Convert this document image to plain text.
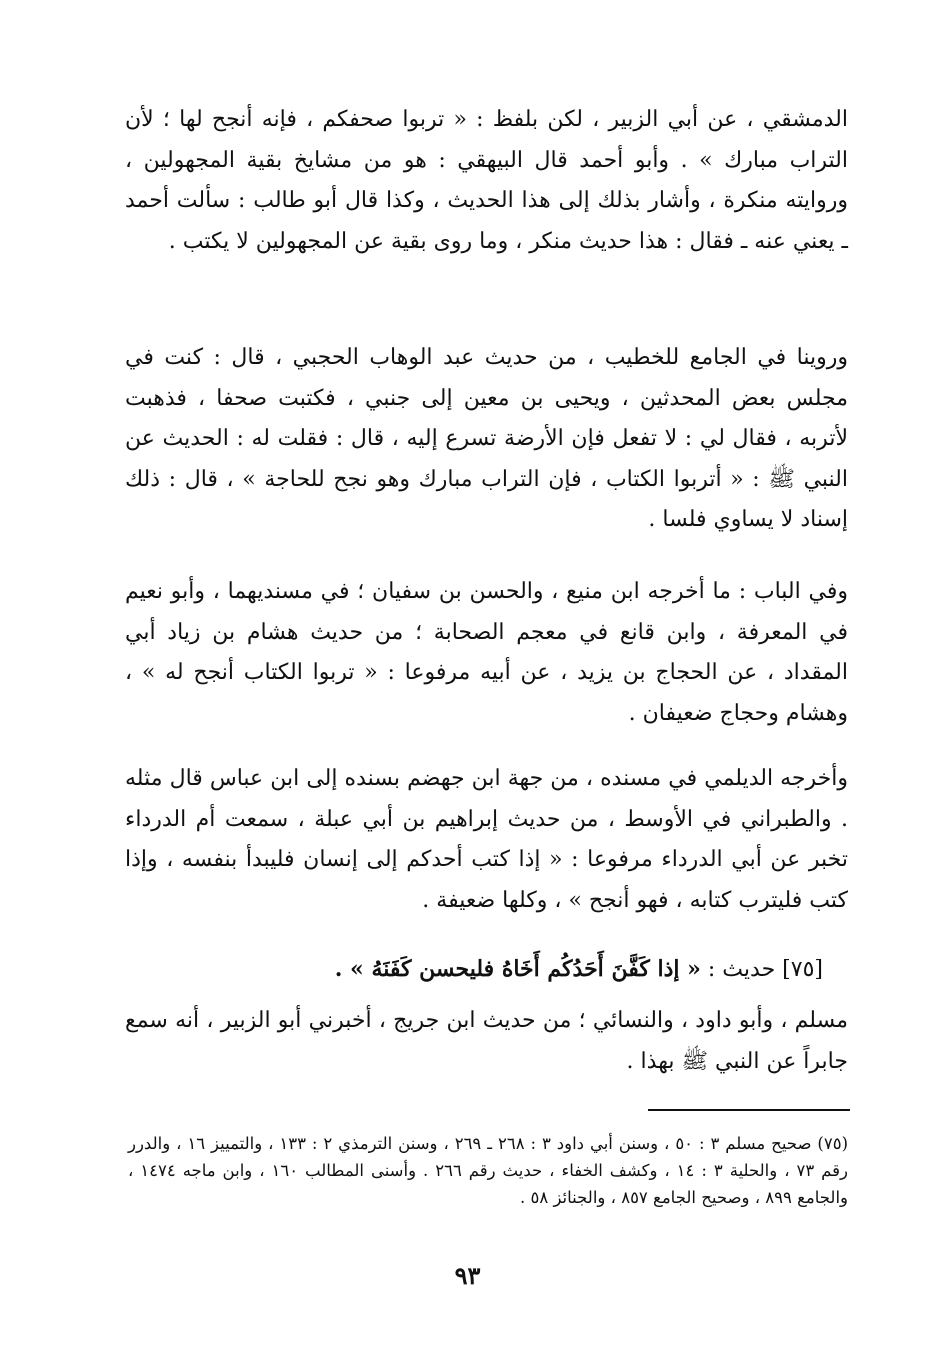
الدمشقي ، عن أبي الزبير ، لكن بلفظ : « تربوا صحفكم ، فإنه أنجح لها ؛ لأن التراب مبارك » . وأبو أحمد قال البيهقي : هو من مشايخ بقية المجهولين ، وروايته منكرة ، وأشار بذلك إلى هذا الحديث ، وكذا قال أبو طالب : سألت أحمد ـ يعني عنه ـ فقال : هذا حديث منكر ، وما روى بقية عن المجهولين لا يكتب .

وروينا في الجامع للخطيب ، من حديث عبد الوهاب الحجبي ، قال : كنت في مجلس بعض المحدثين ، ويحيى بن معين إلى جنبي ، فكتبت صحفا ، فذهبت لأتربه ، فقال لي : لا تفعل فإن الأرضة تسرع إليه ، قال : فقلت له : الحديث عن النبي ﷺ : « أتربوا الكتاب ، فإن التراب مبارك وهو نجح للحاجة » ، قال : ذلك إسناد لا يساوي فلسا .

وفي الباب : ما أخرجه ابن منيع ، والحسن بن سفيان ؛ في مسنديهما ، وأبو نعيم في المعرفة ، وابن قانع في معجم الصحابة ؛ من حديث هشام بن زياد أبي المقداد ، عن الحجاج بن يزيد ، عن أبيه مرفوعا : « تربوا الكتاب أنجح له » ، وهشام وحجاج ضعيفان .

وأخرجه الديلمي في مسنده ، من جهة ابن جهضم بسنده إلى ابن عباس قال مثله . والطبراني في الأوسط ، من حديث إبراهيم بن أبي عبلة ، سمعت أم الدرداء تخبر عن أبي الدرداء مرفوعا : « إذا كتب أحدكم إلى إنسان فليبدأ بنفسه ، وإذا كتب فليترب كتابه ، فهو أنجح » ، وكلها ضعيفة .

[٧٥] حديث : « إذا كَفَّنَ أَحَدُكُم أَخَاهُ فليحسن كَفَنَهُ » .

مسلم ، وأبو داود ، والنسائي ؛ من حديث ابن جريج ، أخبرني أبو الزبير ، أنه سمع جابراً عن النبي ﷺ بهذا .

(٧٥) صحيح مسلم ٣ : ٥٠ ، وسنن أبي داود ٣ : ٢٦٨ ـ ٢٦٩ ، وسنن الترمذي ٢ : ١٣٣ ، والتمييز ١٦ ، والدرر رقم ٧٣ ، والحلية ٣ : ١٤ ، وكشف الخفاء ، حديث رقم ٢٦٦ . وأسنى المطالب ١٦٠ ، وابن ماجه ١٤٧٤ ، والجامع ٨٩٩ ، وصحيح الجامع ٨٥٧ ، والجنائز ٥٨ .

٩٣
